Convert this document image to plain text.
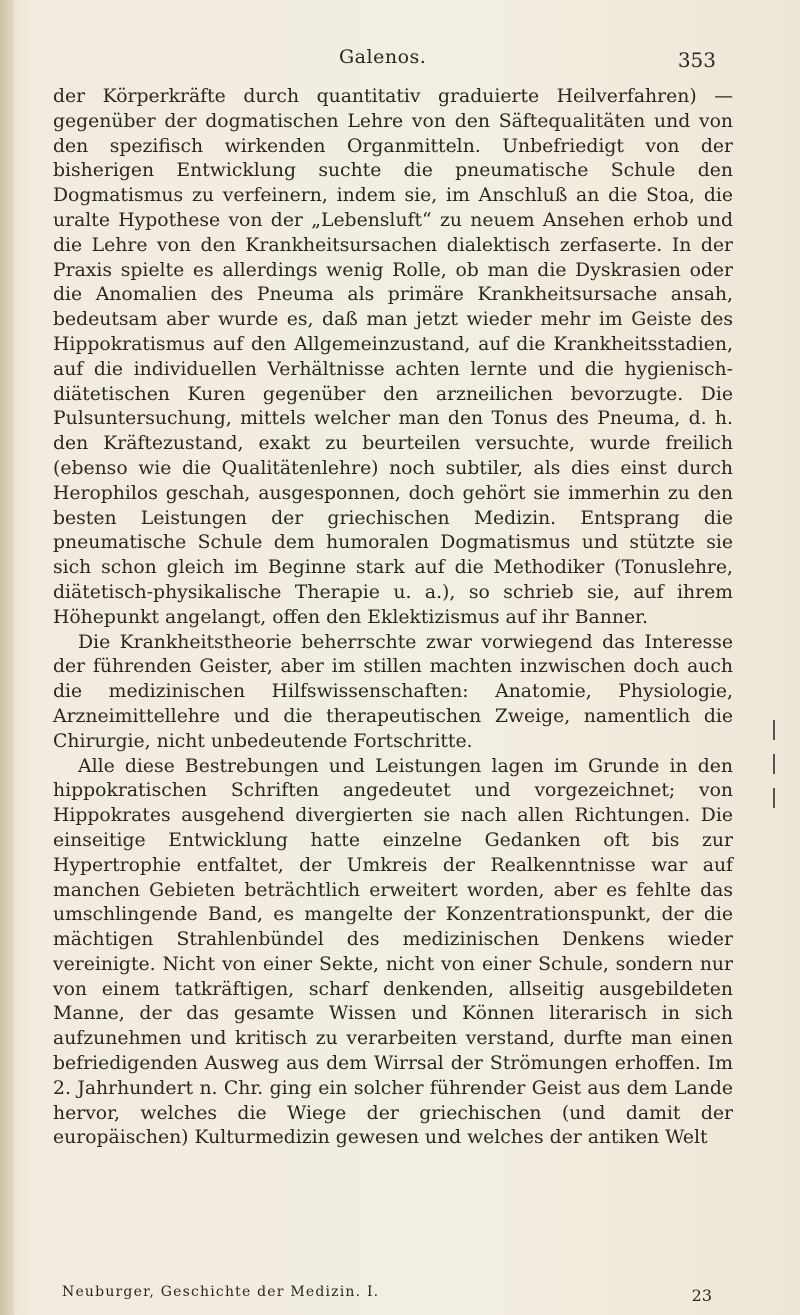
Galenos.	353

der Körperkräfte durch quantitativ graduierte Heilverfahren) — gegenüber der dogmatischen Lehre von den Säftequalitäten und von den spezifisch wirkenden Organmitteln. Unbefriedigt von der bisherigen Entwicklung suchte die pneumatische Schule den Dogmatismus zu verfeinern, indem sie, im Anschluß an die Stoa, die uralte Hypothese von der „Lebensluft“ zu neuem Ansehen erhob und die Lehre von den Krankheitsursachen dialektisch zerfaserte. In der Praxis spielte es allerdings wenig Rolle, ob man die Dyskrasien oder die Anomalien des Pneuma als primäre Krankheitsursache ansah, bedeutsam aber wurde es, daß man jetzt wieder mehr im Geiste des Hippokratismus auf den Allgemeinzustand, auf die Krankheitsstadien, auf die individuellen Verhältnisse achten lernte und die hygienisch-diätetischen Kuren gegenüber den arzneilichen bevorzugte. Die Pulsuntersuchung, mittels welcher man den Tonus des Pneuma, d. h. den Kräftezustand, exakt zu beurteilen versuchte, wurde freilich (ebenso wie die Qualitätenlehre) noch subtiler, als dies einst durch Herophilos geschah, ausgesponnen, doch gehört sie immerhin zu den besten Leistungen der griechischen Medizin. Entsprang die pneumatische Schule dem humoralen Dogmatismus und stützte sie sich schon gleich im Beginne stark auf die Methodiker (Tonuslehre, diätetisch-physikalische Therapie u. a.), so schrieb sie, auf ihrem Höhepunkt angelangt, offen den Eklektizismus auf ihr Banner.

Die Krankheitstheorie beherrschte zwar vorwiegend das Interesse der führenden Geister, aber im stillen machten inzwischen doch auch die medizinischen Hilfswissenschaften: Anatomie, Physiologie, Arzneimittellehre und die therapeutischen Zweige, namentlich die Chirurgie, nicht unbedeutende Fortschritte.

Alle diese Bestrebungen und Leistungen lagen im Grunde in den hippokratischen Schriften angedeutet und vorgezeichnet; von Hippokrates ausgehend divergierten sie nach allen Richtungen. Die einseitige Entwicklung hatte einzelne Gedanken oft bis zur Hypertrophie entfaltet, der Umkreis der Realkenntnisse war auf manchen Gebieten beträchtlich erweitert worden, aber es fehlte das umschlingende Band, es mangelte der Konzentrationspunkt, der die mächtigen Strahlenbündel des medizinischen Denkens wieder vereinigte. Nicht von einer Sekte, nicht von einer Schule, sondern nur von einem tatkräftigen, scharf denkenden, allseitig ausgebildeten Manne, der das gesamte Wissen und Können literarisch in sich aufzunehmen und kritisch zu verarbeiten verstand, durfte man einen befriedigenden Ausweg aus dem Wirrsal der Strömungen erhoffen. Im 2. Jahrhundert n. Chr. ging ein solcher führender Geist aus dem Lande hervor, welches die Wiege der griechischen (und damit der europäischen) Kulturmedizin gewesen und welches der antiken Welt

Neuburger, Geschichte der Medizin. I.	23
